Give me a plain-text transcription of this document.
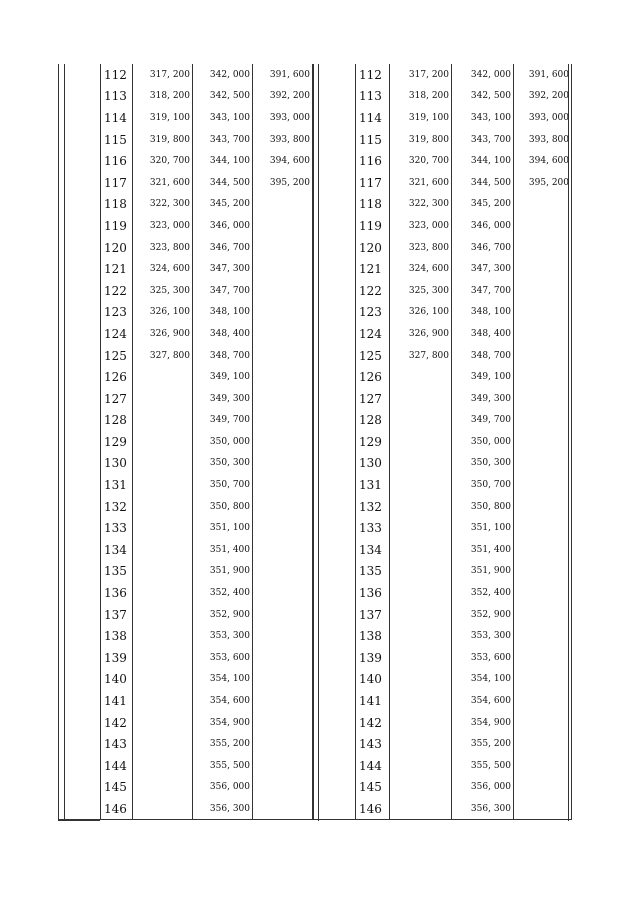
	112	317, 200	342, 000	391, 600
	113	318, 200	342, 500	392, 200
	114	319, 100	343, 100	393, 000
	115	319, 800	343, 700	393, 800
	116	320, 700	344, 100	394, 600
	117	321, 600	344, 500	395, 200
	118	322, 300	345, 200	
	119	323, 000	346, 000	
	120	323, 800	346, 700	
	121	324, 600	347, 300	
	122	325, 300	347, 700	
	123	326, 100	348, 100	
	124	326, 900	348, 400	
	125	327, 800	348, 700	
	126		349, 100	
	127		349, 300	
	128		349, 700	
	129		350, 000	
	130		350, 300	
	131		350, 700	
	132		350, 800	
	133		351, 100	
	134		351, 400	
	135		351, 900	
	136		352, 400	
	137		352, 900	
	138		353, 300	
	139		353, 600	
	140		354, 100	
	141		354, 600	
	142		354, 900	
	143		355, 200	
	144		355, 500	
	145		356, 000	
	146		356, 300	
	112	317, 200	342, 000	391, 600
	113	318, 200	342, 500	392, 200
	114	319, 100	343, 100	393, 000
	115	319, 800	343, 700	393, 800
	116	320, 700	344, 100	394, 600
	117	321, 600	344, 500	395, 200
	118	322, 300	345, 200	
	119	323, 000	346, 000	
	120	323, 800	346, 700	
	121	324, 600	347, 300	
	122	325, 300	347, 700	
	123	326, 100	348, 100	
	124	326, 900	348, 400	
	125	327, 800	348, 700	
	126		349, 100	
	127		349, 300	
	128		349, 700	
	129		350, 000	
	130		350, 300	
	131		350, 700	
	132		350, 800	
	133		351, 100	
	134		351, 400	
	135		351, 900	
	136		352, 400	
	137		352, 900	
	138		353, 300	
	139		353, 600	
	140		354, 100	
	141		354, 600	
	142		354, 900	
	143		355, 200	
	144		355, 500	
	145		356, 000	
	146		356, 300	
